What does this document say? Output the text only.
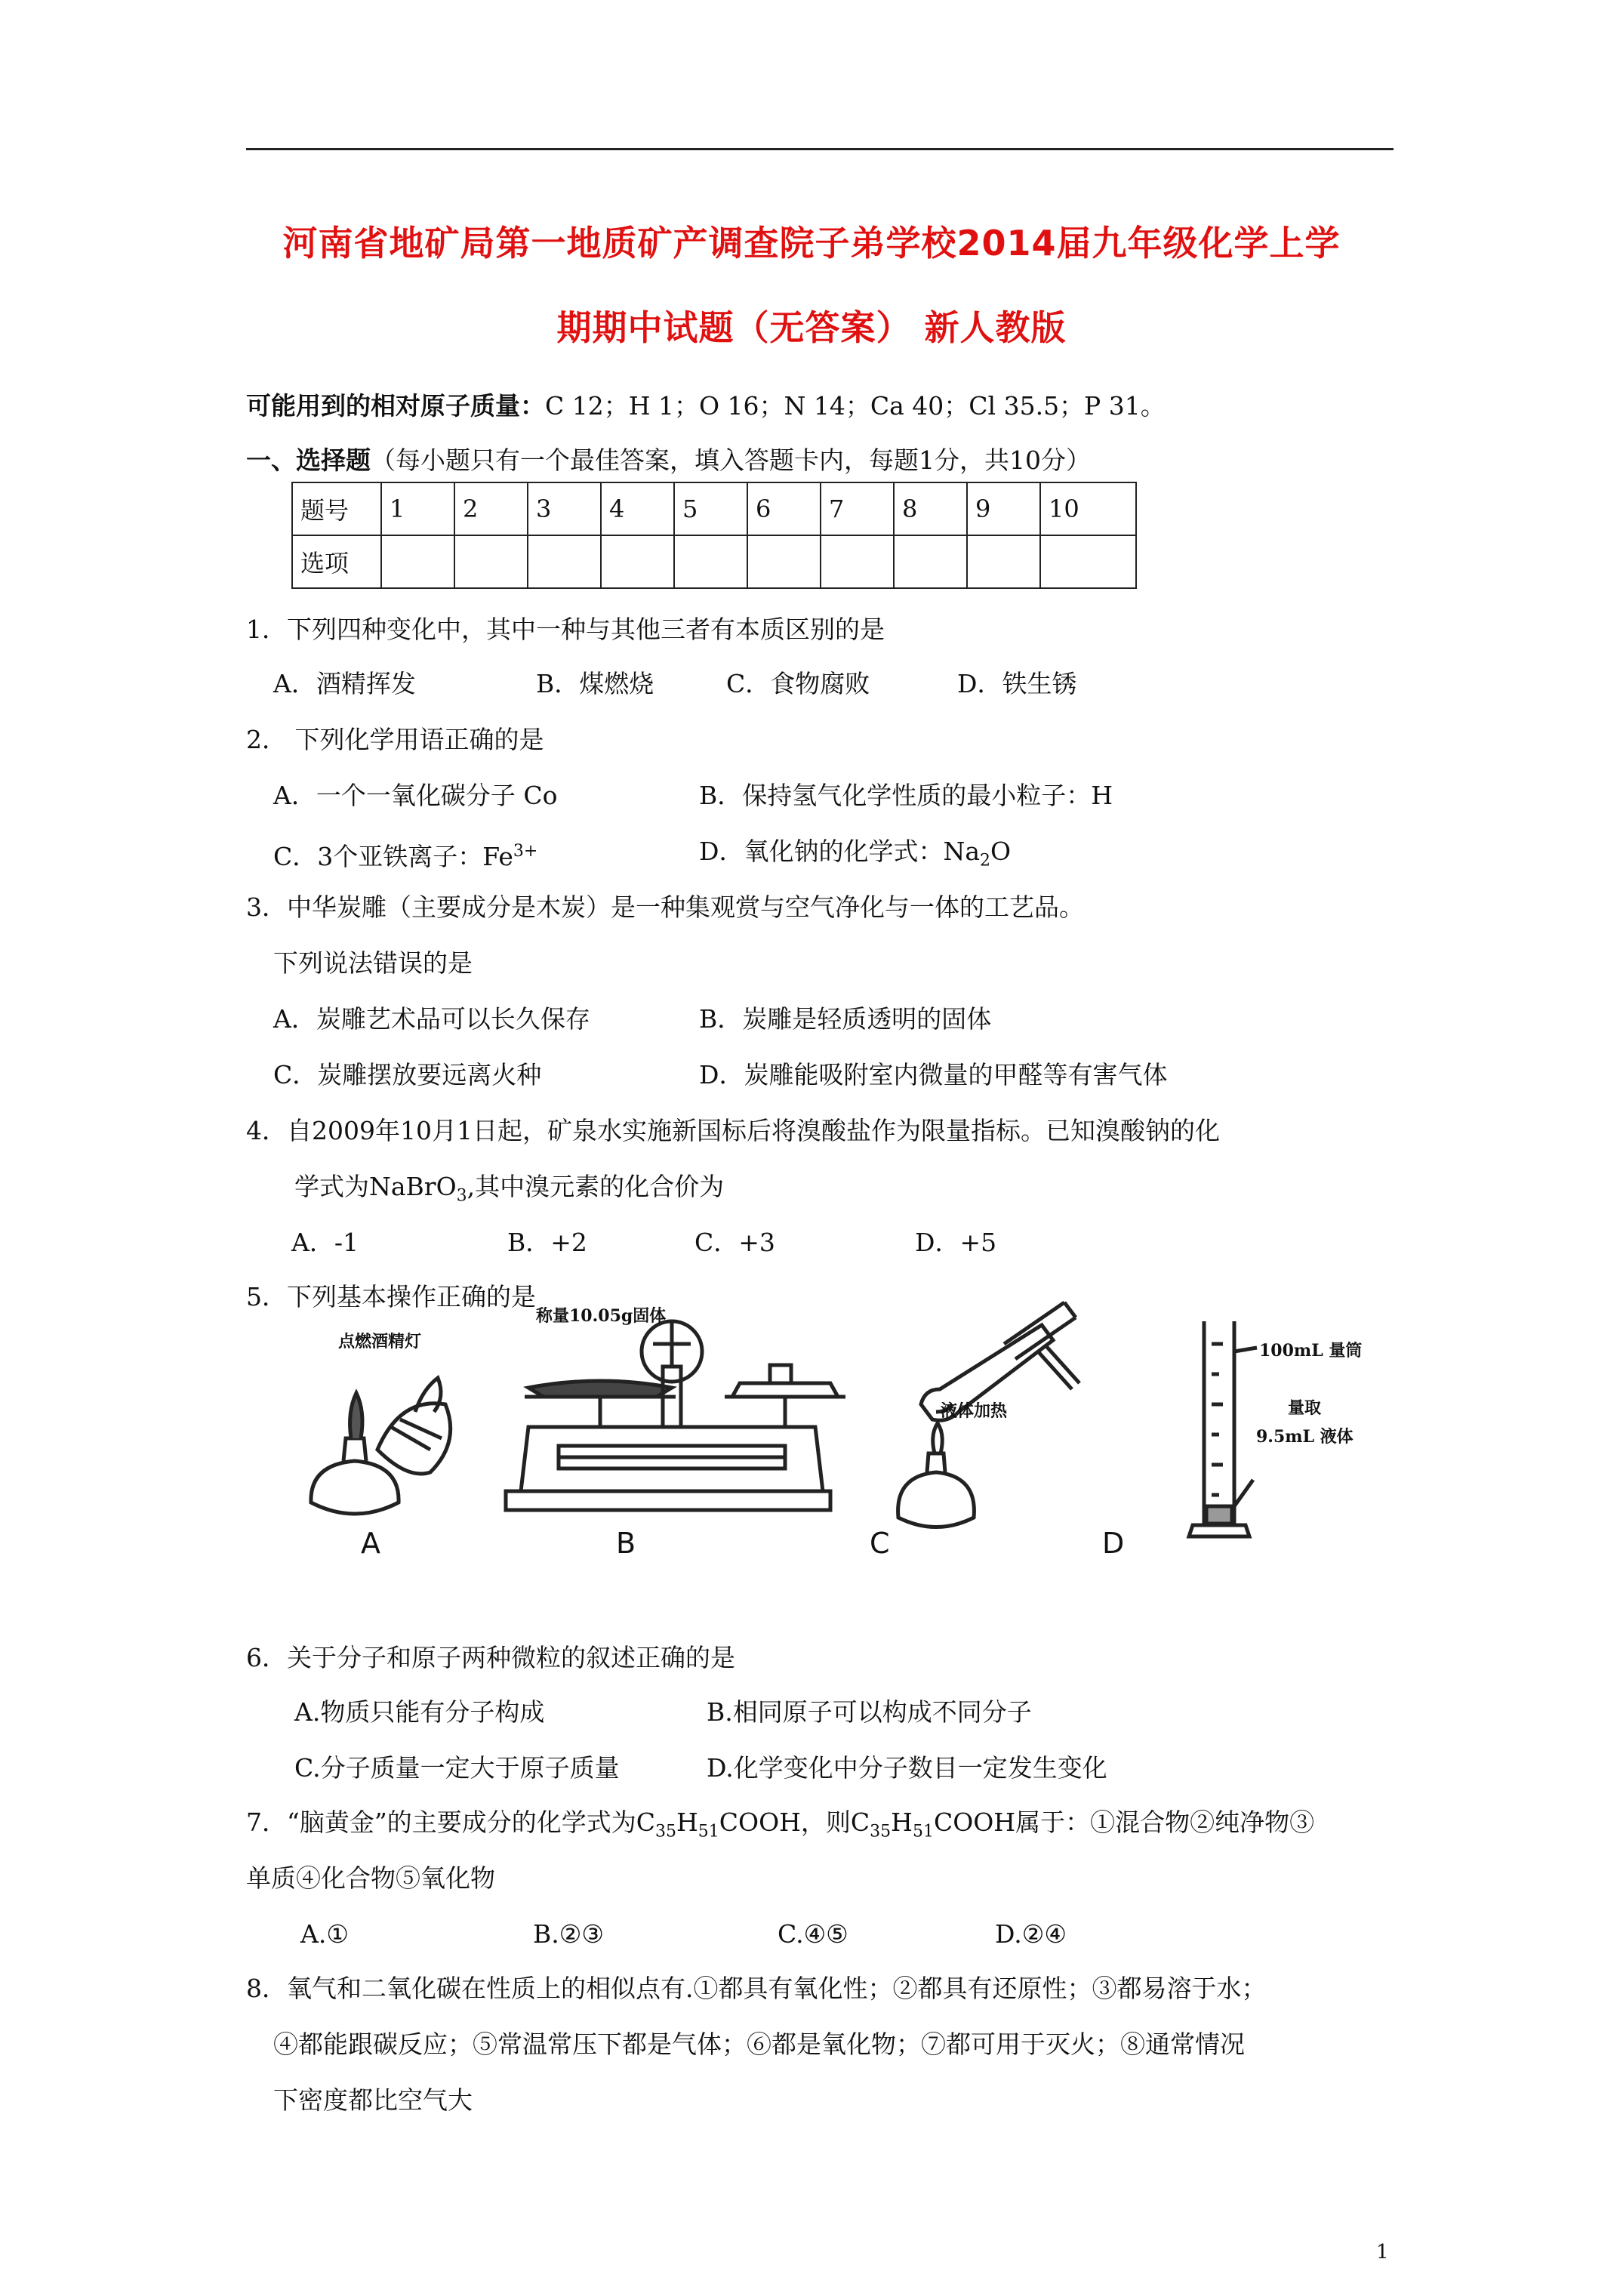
河南省地矿局第一地质矿产调查院子弟学校2014届九年级化学上学
期期中试题（无答案） 新人教版
可能用到的相对原子质量：C 12；H 1；O 16；N 14；Ca 40；Cl 35.5；P 31。
一、选择题（每小题只有一个最佳答案，填入答题卡内，每题1分，共10分）
题号	1	2	3	4	5	6	7	8	9	10
选项										
1．下列四种变化中，其中一种与其他三者有本质区别的是
A．酒精挥发	B．煤燃烧	C．食物腐败	D．铁生锈
2． 下列化学用语正确的是
A．一个一氧化碳分子 Co	B．保持氢气化学性质的最小粒子：H
C．3个亚铁离子：$Fe^{3+}$	D．氧化钠的化学式：$Na_2O$
3．中华炭雕（主要成分是木炭）是一种集观赏与空气净化与一体的工艺品。
下列说法错误的是
A．炭雕艺术品可以长久保存	B．炭雕是轻质透明的固体
C．炭雕摆放要远离火种	D．炭雕能吸附室内微量的甲醛等有害气体
4．自2009年10月1日起，矿泉水实施新国标后将溴酸盐作为限量指标。已知溴酸钠的化
学式为NaBrO$_3$,其中溴元素的化合价为
A．-1	B．+2	C．+3	D．+5
5．下列基本操作正确的是
点燃酒精灯
称量10.05g固体
液体加热
100mL 量筒
量取
9.5mL 液体
A	B	C	D
6．关于分子和原子两种微粒的叙述正确的是
A.物质只能有分子构成	B.相同原子可以构成不同分子
C.分子质量一定大于原子质量	D.化学变化中分子数目一定发生变化
7．“脑黄金”的主要成分的化学式为$C_{35}H_{51}COOH$，则$C_{35}H_{51}COOH$属于：①混合物②纯净物③
单质④化合物⑤氧化物
A.①	B.②③	C.④⑤	D.②④
8．氧气和二氧化碳在性质上的相似点有.①都具有氧化性；②都具有还原性；③都易溶于水；
④都能跟碳反应；⑤常温常压下都是气体；⑥都是氧化物；⑦都可用于灭火；⑧通常情况
下密度都比空气大
1
